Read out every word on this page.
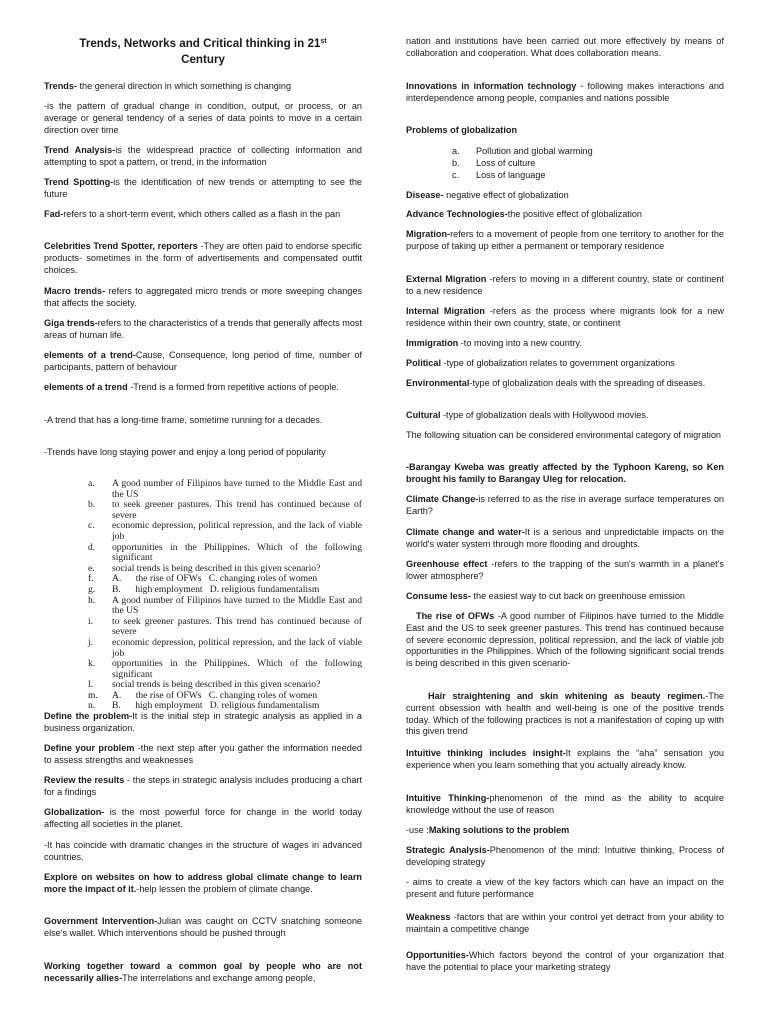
Trends, Networks and Critical thinking in 21st
Century

Trends- the general direction in which something is changing

-is the pattern of gradual change in condition, output, or process, or an average or general tendency of a series of data points to move in a certain direction over time

Trend Analysis-is the widespread practice of collecting information and attempting to spot a pattern, or trend, in the information

Trend Spotting-is the identification of new trends or attempting to see the future

Fad-refers to a short-term event, which others called as a flash in the pan

Celebrities Trend Spotter, reporters -They are often paid to endorse specific products- sometimes in the form of advertisements and compensated outfit choices.

Macro trends- refers to aggregated micro trends or more sweeping changes that affects the society.

Giga trends-refers to the characteristics of a trends that generally affects most areas of human life.

elements of a trend-Cause, Consequence, long period of time, number of participants, pattern of behaviour

elements of a trend -Trend is a formed from repetitive actions of people.

-A trend that has a long-time frame, sometime running for a decades.

-Trends have long staying power and enjoy a long period of popularity

a.	A good number of Filipinos have turned to the Middle East and the US
b.	to seek greener pastures. This trend has continued because of severe
c.	economic depression, political repression, and the lack of viable job
d.	opportunities in the Philippines. Which of the following significant
e.	social trends is being described in this given scenario?
f.	A.      the rise of OFWs   C. changing roles of women
g.	B.      high employment   D. religious fundamentalism
h.	A good number of Filipinos have turned to the Middle East and the US
i.	to seek greener pastures. This trend has continued because of severe
j.	economic depression, political repression, and the lack of viable job
k.	opportunities in the Philippines. Which of the following significant
l.	social trends is being described in this given scenario?
m.	A.      the rise of OFWs   C. changing roles of women
n.	B.      high employment   D. religious fundamentalism

Define the problem-It is the initial step in strategic analysis as applied in a business organization.

Define your problem -the next step after you gather the information needed to assess strengths and weaknesses

Review the results - the steps in strategic analysis includes producing a chart for a findings

Globalization- is the most powerful force for change in the world today affecting all societies in the planet.

-It has coincide with dramatic changes in the structure of wages in advanced countries.

Explore on websites on how to address global climate change to learn more the impact of it.-help lessen the problem of climate change.

Government Intervention-Julian was caught on CCTV snatching someone else's wallet. Which interventions should be pushed through

Working together toward a common goal by people who are not necessarily allies-The interrelations and exchange among people,

nation and institutions have been carried out more effectively by means of collaboration and cooperation. What does collaboration means.

Innovations in information technology - following makes interactions and interdependence among people, companies and nations possible

Problems of globalization

a.	Pollution and global warming
b.	Loss of culture
c.	Loss of language

Disease- negative effect of globalization

Advance Technologies-the positive effect of globalization

Migration-refers to a movement of people from one territory to another for the purpose of taking up either a permanent or temporary residence

External Migration -refers to moving in a different country, state or continent to a new residence

Internal Migration -refers as the process where migrants look for a new residence within their own country, state, or continent

Immigration -to moving into a new country.

Political -type of globalization relates to government organizations

Environmental-type of globalization deals with the spreading of diseases.

Cultural -type of globalization deals with Hollywood movies.

The following situation can be considered environmental category of migration

-Barangay Kweba was greatly affected by the Typhoon Kareng, so Ken brought his family to Barangay Uleg for relocation.

Climate Change-is referred to as the rise in average surface temperatures on Earth?

Climate change and water-It is a serious and unpredictable impacts on the world's water system through more flooding and droughts.

Greenhouse effect -refers to the trapping of the sun's warmth in a planet's lower atmosphere?

Consume less- the easiest way to cut back on greenhouse emission

The rise of OFWs -A good number of Filipinos have turned to the Middle East and the US to seek greener pastures. This trend has continued because of severe economic depression, political repression, and the lack of viable job opportunities in the Philippines. Which of the following significant social trends is being described in this given scenario-

Hair straightening and skin whitening as beauty regimen.-The current obsession with health and well-being is one of the positive trends today. Which of the following practices is not a manifestation of coping up with this given trend

Intuitive thinking includes insight-It explains the “aha” sensation you experience when you learn something that you actually already know.

Intuitive Thinking-phenomenon of the mind as the ability to acquire knowledge without the use of reason

-use :Making solutions to the problem

Strategic Analysis-Phenomenon of the mind: Intuitive thinking, Process of developing strategy

- aims to create a view of the key factors which can have an impact on the present and future performance

Weakness -factors that are within your control yet detract from your ability to maintain a competitive change

Opportunities-Which factors beyond the control of your organization that have the potential to place your marketing strategy
